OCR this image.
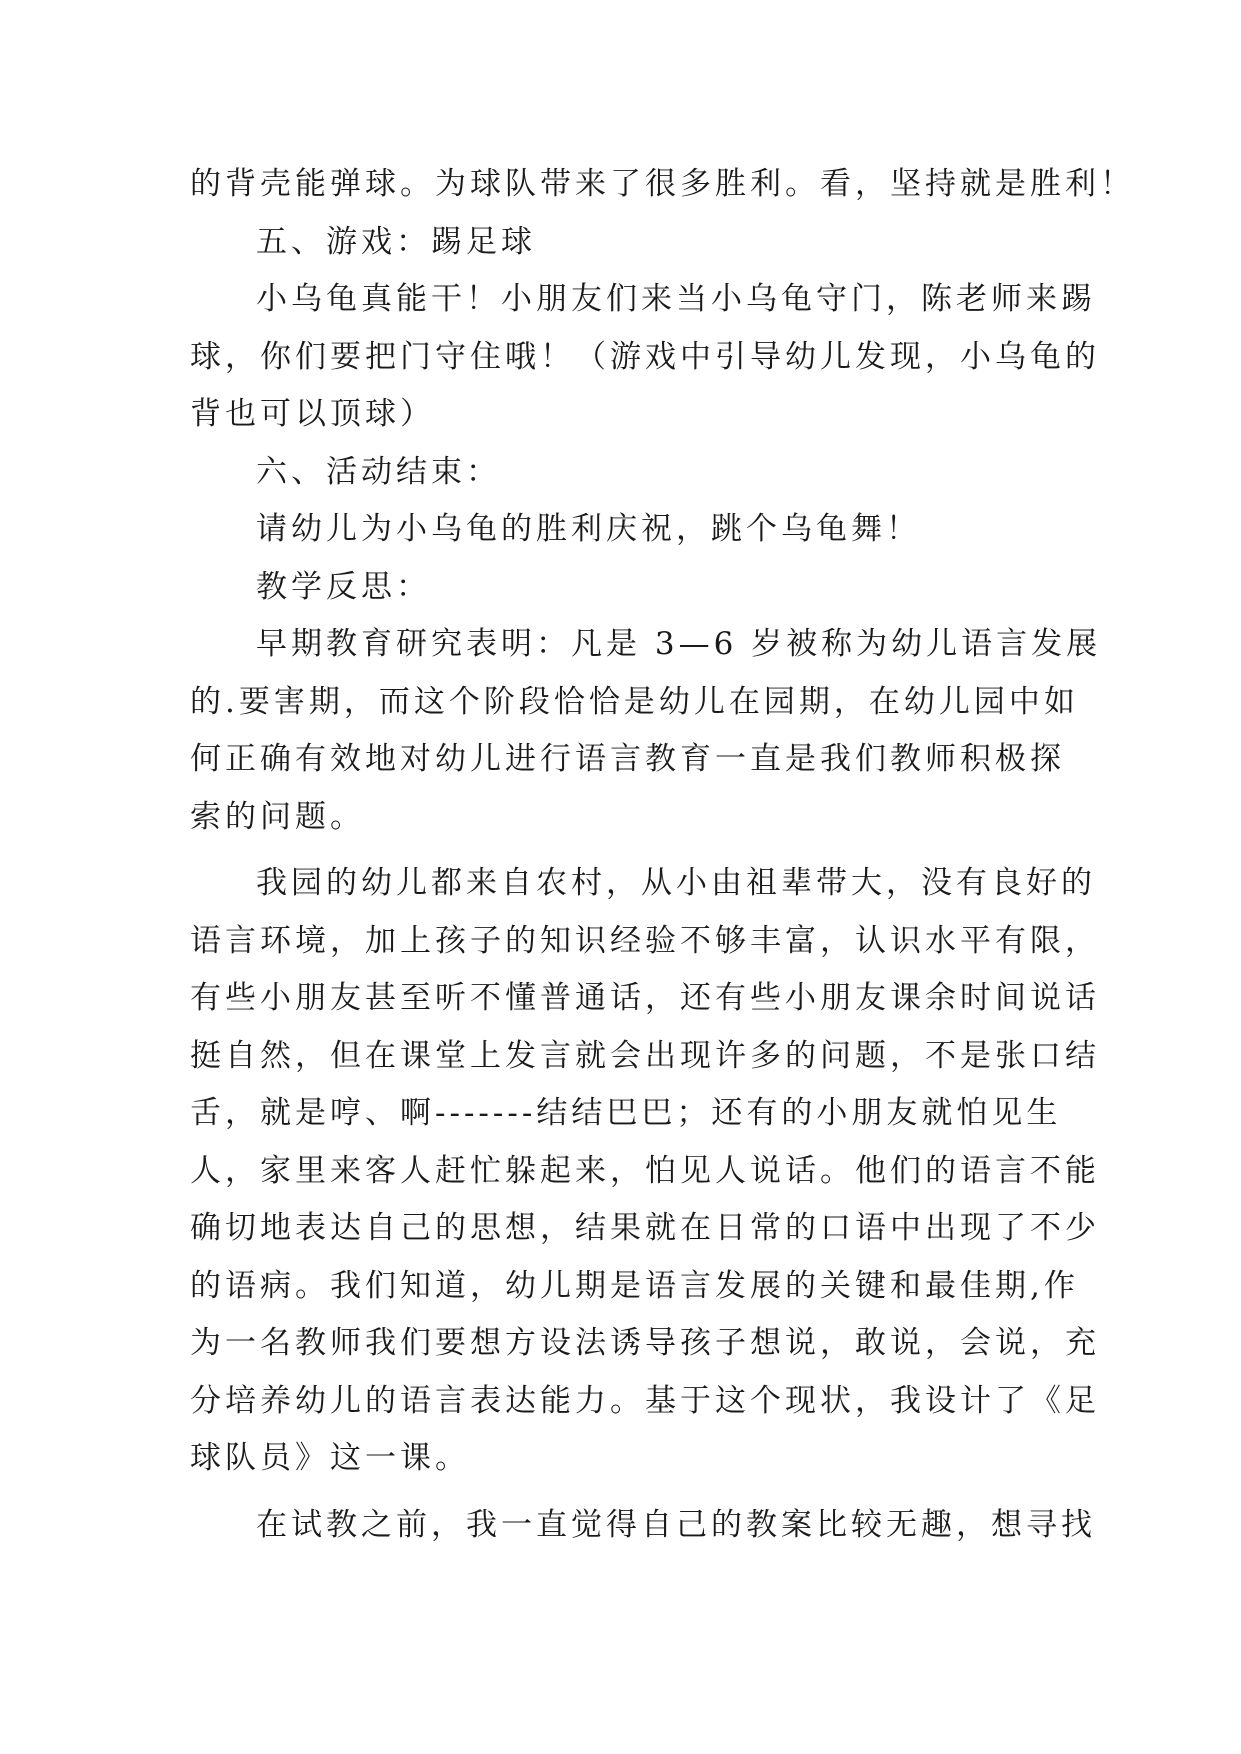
的背壳能弹球。为球队带来了很多胜利。看，坚持就是胜利！
五、游戏：踢足球
小乌龟真能干！小朋友们来当小乌龟守门，陈老师来踢
球，你们要把门守住哦！（游戏中引导幼儿发现，小乌龟的
背也可以顶球）
六、活动结束：
请幼儿为小乌龟的胜利庆祝，跳个乌龟舞！
教学反思：
早期教育研究表明：凡是 3—6 岁被称为幼儿语言发展
的.要害期，而这个阶段恰恰是幼儿在园期，在幼儿园中如
何正确有效地对幼儿进行语言教育一直是我们教师积极探
索的问题。
我园的幼儿都来自农村，从小由祖辈带大，没有良好的
语言环境，加上孩子的知识经验不够丰富，认识水平有限，
有些小朋友甚至听不懂普通话，还有些小朋友课余时间说话
挺自然，但在课堂上发言就会出现许多的问题，不是张口结
舌，就是哼、啊-------结结巴巴；还有的小朋友就怕见生
人，家里来客人赶忙躲起来，怕见人说话。他们的语言不能
确切地表达自己的思想，结果就在日常的口语中出现了不少
的语病。我们知道，幼儿期是语言发展的关键和最佳期,作
为一名教师我们要想方设法诱导孩子想说，敢说，会说，充
分培养幼儿的语言表达能力。基于这个现状，我设计了《足
球队员》这一课。
在试教之前，我一直觉得自己的教案比较无趣，想寻找
